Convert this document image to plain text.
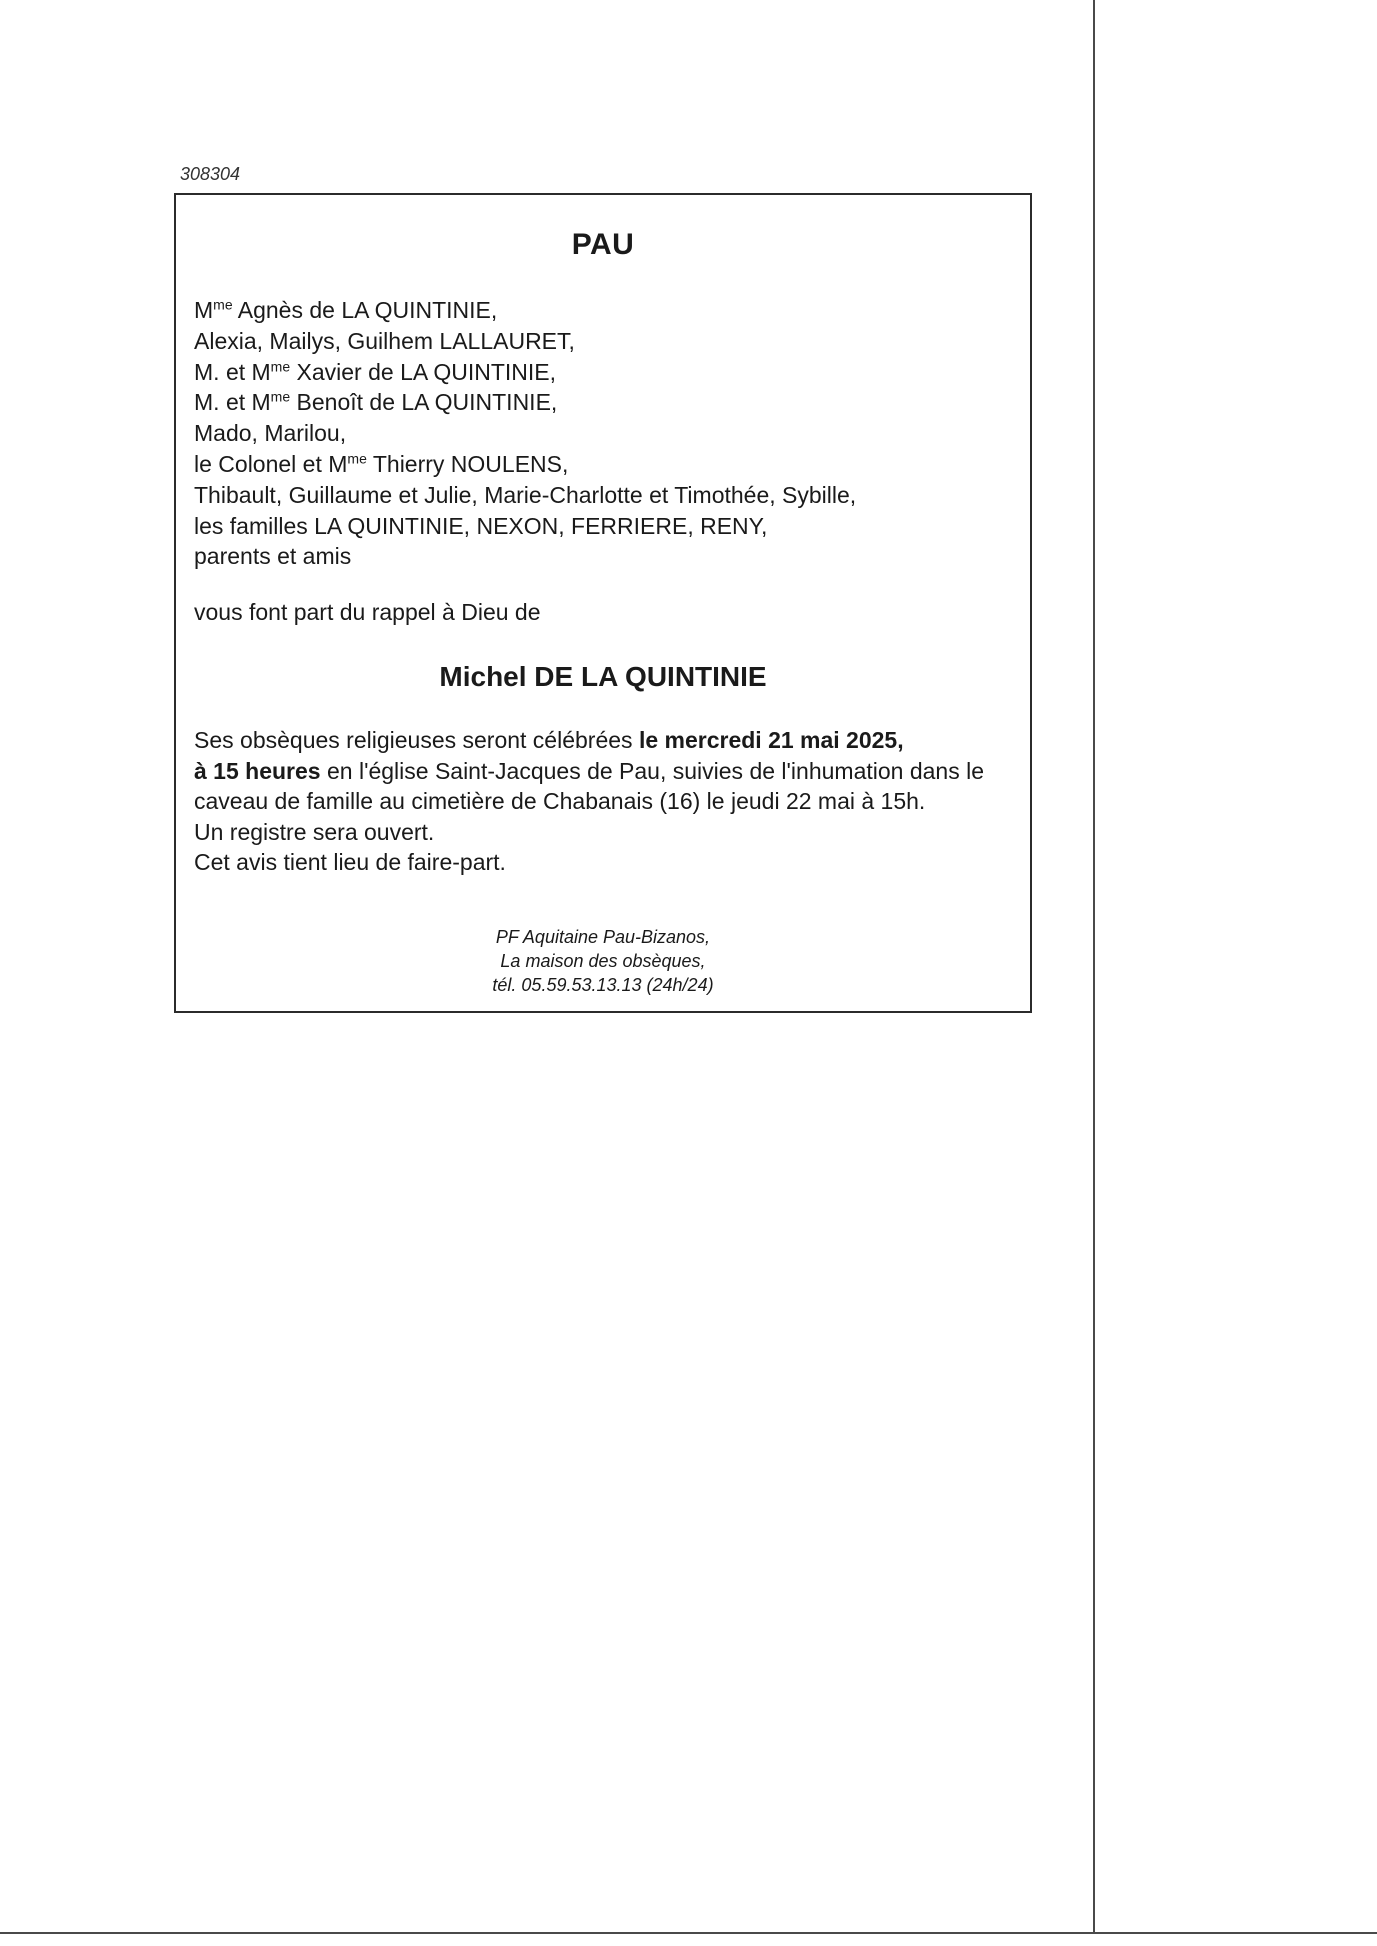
308304
PAU
$M^{me}$ Agnès de LA QUINTINIE,
Alexia, Mailys, Guilhem LALLAURET,
M. et $M^{me}$ Xavier de LA QUINTINIE,
M. et $M^{me}$ Benoît de LA QUINTINIE,
Mado, Marilou,
le Colonel et $M^{me}$ Thierry NOULENS,
Thibault, Guillaume et Julie, Marie-Charlotte et Timothée, Sybille,
les familles LA QUINTINIE, NEXON, FERRIERE, RENY,
parents et amis
vous font part du rappel à Dieu de
Michel DE LA QUINTINIE

Ses obsèques religieuses seront célébrées le mercredi 21 mai 2025,
à 15 heures en l'église Saint-Jacques de Pau, suivies de l'inhumation dans le caveau de famille au cimetière de Chabanais (16) le jeudi 22 mai à 15h.

Un registre sera ouvert.

Cet avis tient lieu de faire-part.

PF Aquitaine Pau-Bizanos,
La maison des obsèques,
tél. 05.59.53.13.13 (24h/24)
